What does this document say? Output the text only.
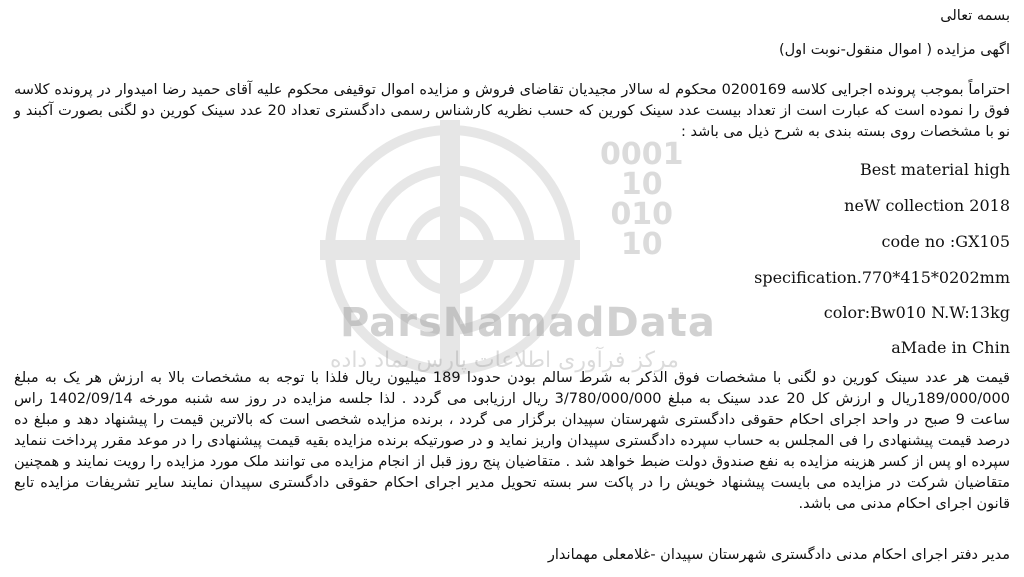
0001
10
010
10
ParsNamadData
مرکز فرآوری اطلاعات پارس نماد داده
بسمه تعالی
اگهی مزایده ( اموال منقول-نوبت اول)
احتراماً بموجب پرونده اجرایی کلاسه 0200169 محکوم له سالار مجیدیان تقاضای فروش و مزایده اموال توقیفی محکوم علیه آقای حمید رضا امیدوار در پرونده کلاسه فوق را نموده است که عبارت است از تعداد بیست عدد سینک کورین که حسب نظریه کارشناس رسمی دادگستری تعداد 20 عدد سینک کورین دو لگنی بصورت آکبند و نو با مشخصات روی بسته بندی به شرح ذیل می باشد :
Best material high
neW collection 2018
code no :GX105
specification.770*415*0202mm
color:Bw010 N.W:13kg
aMade in Chin
قیمت هر عدد سینک کورین دو لگنی با مشخصات فوق الذکر به شرط سالم بودن حدودا 189 میلیون ریال فلذا با توجه به مشخصات بالا به ارزش هر یک به مبلغ 189/000/000ریال و ارزش کل 20 عدد سینک به مبلغ 3/780/000/000 ریال ارزیابی می گردد . لذا جلسه مزایده در روز سه شنبه مورخه 1402/09/14 راس ساعت 9 صبح در واحد اجرای احکام حقوقی دادگستری شهرستان سپیدان برگزار می گردد ، برنده مزایده شخصی است که بالاترین قیمت را پیشنهاد دهد و مبلغ ده درصد قیمت پیشنهادی را فی المجلس به حساب سپرده دادگستری سپیدان واریز نماید و در صورتیکه برنده مزایده بقیه قیمت پیشنهادی را در موعد مقرر پرداخت ننماید سپرده او پس از کسر هزینه مزایده به نفع صندوق دولت ضبط خواهد شد . متقاضیان پنج روز قبل از انجام مزایده می توانند ملک مورد مزایده را رویت نمایند و همچنین متقاضیان شرکت در مزایده می بایست پیشنهاد خویش را در پاکت سر بسته تحویل مدیر اجرای احکام حقوقی دادگستری سپیدان نمایند سایر تشریفات مزایده تابع قانون اجرای احکام مدنی می باشد.
مدیر دفتر اجرای احکام مدنی دادگستری شهرستان سپیدان -غلامعلی مهماندار
